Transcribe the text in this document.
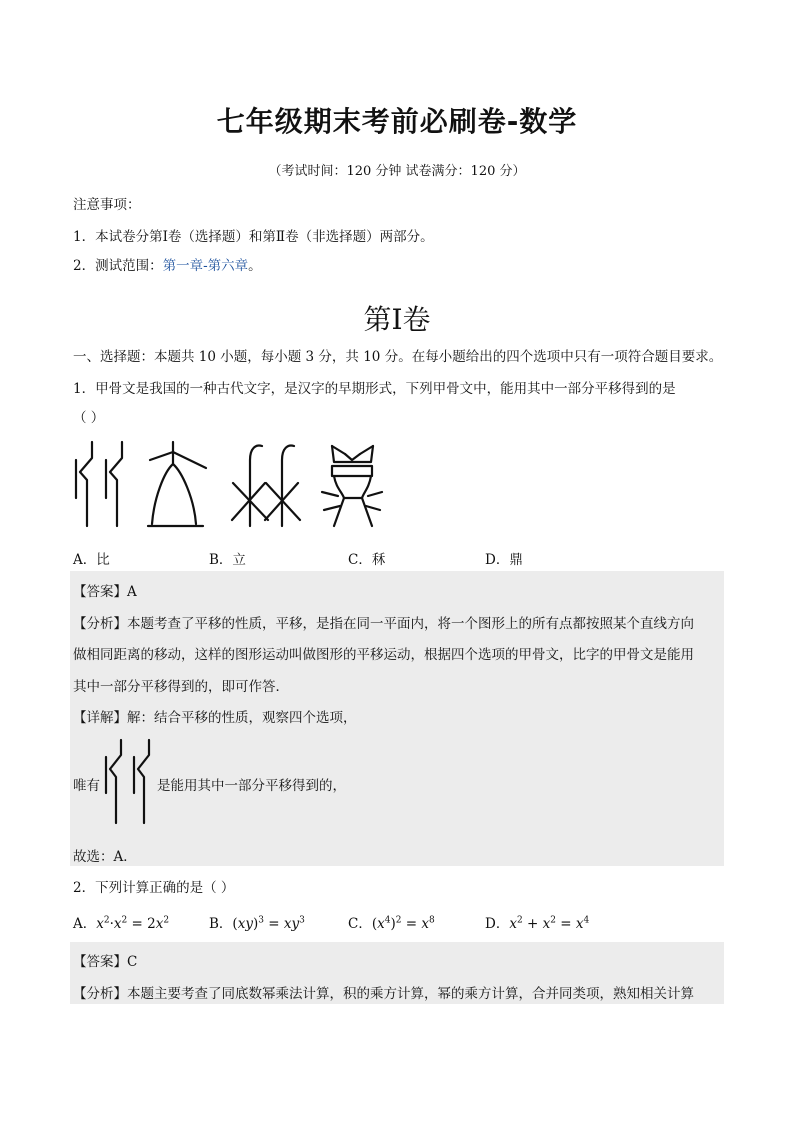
七年级期末考前必刷卷-数学
（考试时间：120 分钟 试卷满分：120 分）
注意事项：
1．本试卷分第Ⅰ卷（选择题）和第Ⅱ卷（非选择题）两部分。
2．测试范围：第一章-第六章。
第Ⅰ卷
一、选择题：本题共 10 小题，每小题 3 分，共 10 分。在每小题给出的四个选项中只有一项符合题目要求。
1．甲骨文是我国的一种古代文字，是汉字的早期形式，下列甲骨文中，能用其中一部分平移得到的是
（ ）
A．比	B．立	C．秝	D．鼎
【答案】A
【分析】本题考查了平移的性质，平移，是指在同一平面内，将一个图形上的所有点都按照某个直线方向
做相同距离的移动，这样的图形运动叫做图形的平移运动，根据四个选项的甲骨文，比字的甲骨文是能用
其中一部分平移得到的，即可作答．
【详解】解：结合平移的性质，观察四个选项，
唯有	是能用其中一部分平移得到的，
故选：A．
2．下列计算正确的是（ ）
A．$x^2\cdot x^2 = 2x^2$	B．$(xy)^3 = xy^3$	C．$(x^4)^2 = x^8$	D．$x^2 + x^2 = x^4$
【答案】C
【分析】本题主要考查了同底数幂乘法计算，积的乘方计算，幂的乘方计算，合并同类项，熟知相关计算
